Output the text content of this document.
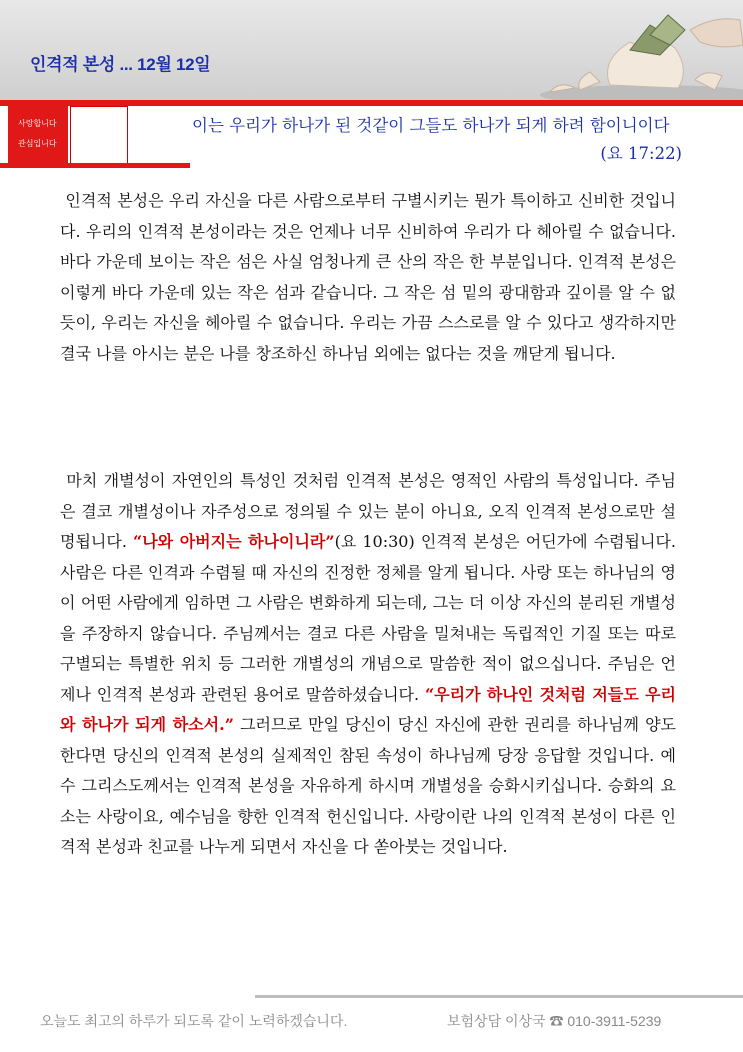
인격적 본성 ... 12월 12일
사랑합니다
관심입니다
이는 우리가 하나가 된 것같이 그들도 하나가 되게 하려 함이니이다
(요 17:22)
인격적 본성은 우리 자신을 다른 사람으로부터 구별시키는 뭔가 특이하고 신비한 것입니다. 우리의 인격적 본성이라는 것은 언제나 너무 신비하여 우리가 다 헤아릴 수 없습니다. 바다 가운데 보이는 작은 섬은 사실 엄청나게 큰 산의 작은 한 부분입니다. 인격적 본성은 이렇게 바다 가운데 있는 작은 섬과 같습니다. 그 작은 섬 밑의 광대함과 깊이를 알 수 없듯이, 우리는 자신을 헤아릴 수 없습니다. 우리는 가끔 스스로를 알 수 있다고 생각하지만 결국 나를 아시는 분은 나를 창조하신 하나님 외에는 없다는 것을 깨닫게 됩니다.
마치 개별성이 자연인의 특성인 것처럼 인격적 본성은 영적인 사람의 특성입니다. 주님은 결코 개별성이나 자주성으로 정의될 수 있는 분이 아니요, 오직 인격적 본성으로만 설명됩니다. “나와 아버지는 하나이니라”(요 10:30) 인격적 본성은 어딘가에 수렴됩니다. 사람은 다른 인격과 수렴될 때 자신의 진정한 정체를 알게 됩니다. 사랑 또는 하나님의 영이 어떤 사람에게 임하면 그 사람은 변화하게 되는데, 그는 더 이상 자신의 분리된 개별성을 주장하지 않습니다. 주님께서는 결코 다른 사람을 밀쳐내는 독립적인 기질 또는 따로 구별되는 특별한 위치 등 그러한 개별성의 개념으로 말씀한 적이 없으십니다. 주님은 언제나 인격적 본성과 관련된 용어로 말씀하셨습니다. “우리가 하나인 것처럼 저들도 우리와 하나가 되게 하소서.” 그러므로 만일 당신이 당신 자신에 관한 권리를 하나님께 양도한다면 당신의 인격적 본성의 실제적인 참된 속성이 하나님께 당장 응답할 것입니다. 예수 그리스도께서는 인격적 본성을 자유하게 하시며 개별성을 승화시키십니다. 승화의 요소는 사랑이요, 예수님을 향한 인격적 헌신입니다. 사랑이란 나의 인격적 본성이 다른 인격적 본성과 친교를 나누게 되면서 자신을 다 쏟아붓는 것입니다.
오늘도 최고의 하루가 되도록 같이 노력하겠습니다.	보험상담 이상국 ☎ 010-3911-5239
